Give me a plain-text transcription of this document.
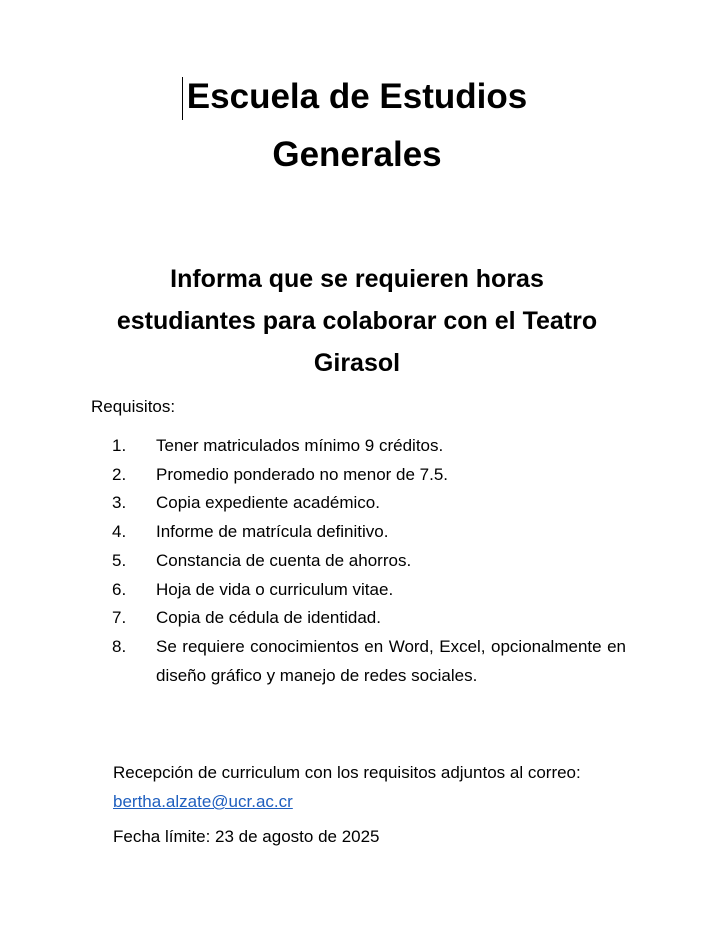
Escuela de Estudios
Generales
Informa que se requieren horas
estudiantes para colaborar con el Teatro
Girasol

Requisitos:

1. Tener matriculados mínimo 9 créditos.
2. Promedio ponderado no menor de 7.5.
3. Copia expediente académico.
4. Informe de matrícula definitivo.
5. Constancia de cuenta de ahorros.
6. Hoja de vida o curriculum vitae.
7. Copia de cédula de identidad.
8. Se requiere conocimientos en Word, Excel, opcionalmente en diseño gráfico y manejo de redes sociales.

Recepción de curriculum con los requisitos adjuntos al correo: bertha.alzate@ucr.ac.cr

Fecha límite: 23 de agosto de 2025
